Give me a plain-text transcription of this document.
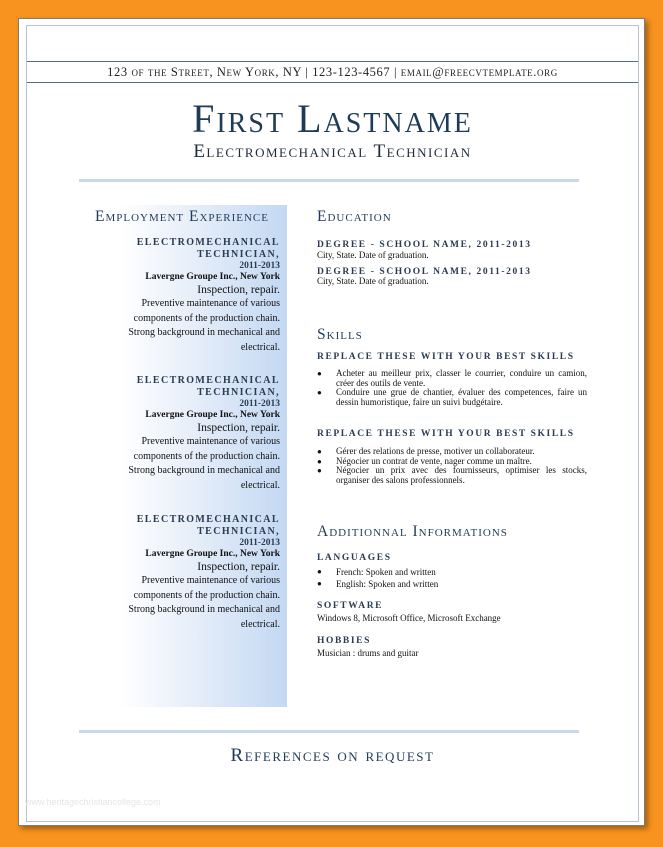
123 of the Street, New York, NY | 123-123-4567 | email@freecvtemplate.org
First Lastname
Electromechanical Technician
Employment Experience
ELECTROMECHANICAL
TECHNICIAN,
2011-2013
Lavergne Groupe Inc., New York
Inspection, repair.
Preventive maintenance of various
components of the production chain.
Strong background in mechanical and
electrical.
ELECTROMECHANICAL
TECHNICIAN,
2011-2013
Lavergne Groupe Inc., New York
Inspection, repair.
Preventive maintenance of various
components of the production chain.
Strong background in mechanical and
electrical.
ELECTROMECHANICAL
TECHNICIAN,
2011-2013
Lavergne Groupe Inc., New York
Inspection, repair.
Preventive maintenance of various
components of the production chain.
Strong background in mechanical and
electrical.
Education
DEGREE - SCHOOL NAME, 2011-2013
City, State. Date of graduation.
DEGREE - SCHOOL NAME, 2011-2013
City, State. Date of graduation.
Skills
REPLACE THESE WITH YOUR BEST SKILLS
● Acheter au meilleur prix, classer le courrier, conduire un camion, créer des outils de vente.
● Conduire une grue de chantier, évaluer des competences, faire un dessin humoristique, faire un suivi budgétaire.
REPLACE THESE WITH YOUR BEST SKILLS
● Gérer des relations de presse, motiver un collaborateur.
● Négocier un contrat de vente, nager comme un maître.
● Négocier un prix avec des fournisseurs, optimiser les stocks, organiser des salons professionnels.
Additionnal Informations
LANGUAGES
● French: Spoken and written
● English: Spoken and written
SOFTWARE
Windows 8, Microsoft Office, Microsoft Exchange
HOBBIES
Musician : drums and guitar
References on request
www.heritagechristiancollege.com
